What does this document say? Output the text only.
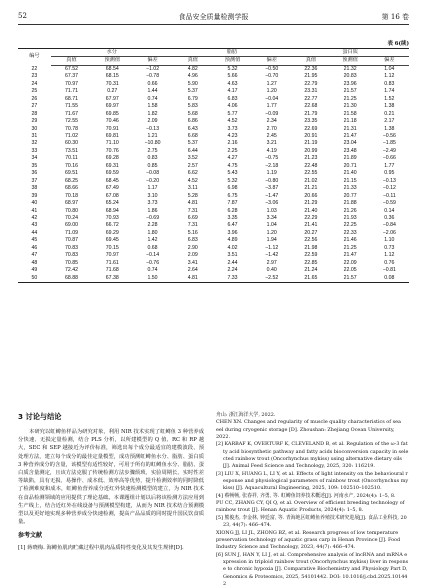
52	食品安全质量检测学报	第 16 卷
表 6(续)
编号	水分			脂肪			蛋白质		
	真值	预测值	偏差	真值	预测值	偏差	真值	预测值	偏差
22	67.52	68.54	−1.02	4.82	5.32	−0.50	22.36	21.32	1.04
23	67.37	68.15	−0.78	4.96	5.66	−0.70	21.95	20.83	1.12
24	70.97	70.31	0.66	5.90	4.63	1.27	22.79	23.96	0.83
25	71.71	0.27	1.44	5.37	4.17	1.20	23.31	21.57	1.74
26	68.71	67.97	0.74	6.79	6.83	−0.04	22.77	21.25	1.52
27	71.55	69.97	1.58	5.83	4.06	1.77	22.68	21.30	1.38
28	71.67	69.85	1.82	5.68	5.77	−0.09	21.79	21.58	0.21
29	72.55	70.46	2.09	6.86	4.52	2.34	23.35	21.18	2.17
30	70.78	70.91	−0.13	6.43	3.73	2.70	22.69	21.31	1.38
31	71.02	69.81	1.21	6.68	4.23	2.45	20.91	21.47	−0.56
32	60.30	71.10	−10.80	5.37	2.16	3.21	21.19	23.04	−1.85
33	73.51	70.76	2.75	6.44	2.25	4.19	20.99	23.48	−2.49
34	70.11	69.28	0.83	3.52	4.27	−0.75	21.23	21.89	−0.66
35	70.16	69.31	0.85	2.57	4.75	−2.18	22.48	20.71	1.77
36	69.51	69.59	−0.08	6.62	5.43	1.19	22.55	21.40	0.95
37	68.25	68.45	−0.20	4.52	5.32	−0.80	21.02	21.15	−0.13
38	68.66	67.49	1.17	3.11	6.98	−3.87	21.21	21.33	−0.12
39	70.18	67.08	3.10	5.28	6.75	−1.47	20.66	20.77	−0.11
40	68.97	65.24	3.73	4.81	7.87	−3.06	21.29	21.88	−0.59
41	70.80	68.94	1.86	7.31	6.28	1.03	21.40	21.26	0.14
42	70.24	70.93	−0.69	6.69	3.35	3.34	22.29	21.93	0.36
43	69.00	66.72	2.28	7.31	6.47	1.04	21.41	22.25	−0.84
44	71.09	69.29	1.80	5.16	3.96	1.20	20.27	22.33	−2.06
45	70.87	69.45	1.42	6.83	4.89	1.94	22.56	21.46	1.10
46	70.83	70.15	0.68	2.90	4.02	−1.12	21.98	21.25	0.73
47	70.83	70.97	−0.14	2.09	3.51	−1.42	22.59	21.47	1.12
48	70.85	71.61	−0.76	3.41	2.44	2.97	22.85	22.09	0.76
49	72.42	71.68	0.74	2.64	2.24	0.40	21.24	22.05	−0.81
50	68.88	67.38	1.50	4.81	7.33	−2.52	21.65	21.57	0.08
3 讨论与结论

本研究以虹鳟鱼样品为研究对象，利用 NIR 技术实现了虹鳟鱼 3 种营养成分快速、无损定量检测，结合 PLS 分析，以所建模型的 Q 值、RC 和 RP 越大，SEC 和 SEP 越接近为评价标准，筛选出每个成分最适宜的建模波段、预处理方法，建立每个成分的最佳定量模型，成功预测虹鳟鱼水分、脂肪、蛋白质 3 种营养成分的含量，该模型有适性较好，可用于所有的虹鳟鱼水分、脂肪、蛋白质含量测定，且该方法克服了传统检测方法步骤烦琐、实验周期长、实时性差等缺陷，具有无损、易操作、成本低、效率高等优势，提升检测效率的同时降低了检测难度和成本，虹鳟鱼营养成分近红外快速检测模型的建立，为 NIR 技术在食品检测领域的应用提供了理论基础。本课题组计划以后将该检测方法应用到生产线上，结合近红外在线设备与预测模型构建，从而为 NIR 技术结合预测模型以及更好地实现多种营养成分快速检测，提高产品品质的同时提升国民饮食质量。

参考文献

[1] 蒋晓梅. 海鳟鱼肌肉贮藏过程中肌肉品质特性变化及其发生规律[D].

舟山: 浙江海洋大学, 2022.

CHEN XN. Changes and regularity of muscle quality characteristics of sea eel during cryogenic storage [D]. Zhoushan: Zhejiang Ocean University, 2022.

[2] KARBAF K, OVERTURF K, CLEVELAND B, et al. Regulation of the ω-3 fatty acid biosynthetic pathway and fatty acids bioconversion capacity in selected rainbow trout (Oncorhynchus mykiss) using alternative dietary oils [J]. Animal Feed Science and Technology, 2025, 320: 116219.

[3] LIU X, HUANG L, LI Y, et al. Effects of light intensity on the behavioural response and physiological parameters of rainbow trout (Oncorhynchus mykiss) [J]. Aquacultural Engineering, 2025, 109: 102510–102510.

[4] 蔡畅畅, 张春祥, 齐勇, 等. 虹鳟鱼饲养技术概述[J]. 河南水产, 2024(4): 1–5, 8.

PU CC, ZHANG CY, QI Q, et al. Overview of efficient breeding technology of rainbow trout [J]. Henan Aquatic Products, 2024(4): 1–5, 8.

[5] 熊俊杰, 李金林, 钟廷富, 等. 青海地区虹鳟鱼养殖技术研究进展[J]. 食品工业科技, 2023, 44(7): 466–474.

XIONG JJ, LI JL, ZHONG BZ, et al. Research progress of low temperature preservation technology of aquatic grass carp in Henan Province [J]. Food Industry Science and Technology, 2023, 44(7): 466–474.

[6] SUN J, HAN Y, LI J, et al. Comprehensive analysis of lncRNA and mRNA expression in triploid rainbow trout (Oncorhynchus mykiss) liver in response to chronic hypoxia [J]. Comparative Biochemistry and Physiology Part D, Genomics & Proteomics, 2025, 54101442. DOI: 10.1016/j.cbd.2025.101442
